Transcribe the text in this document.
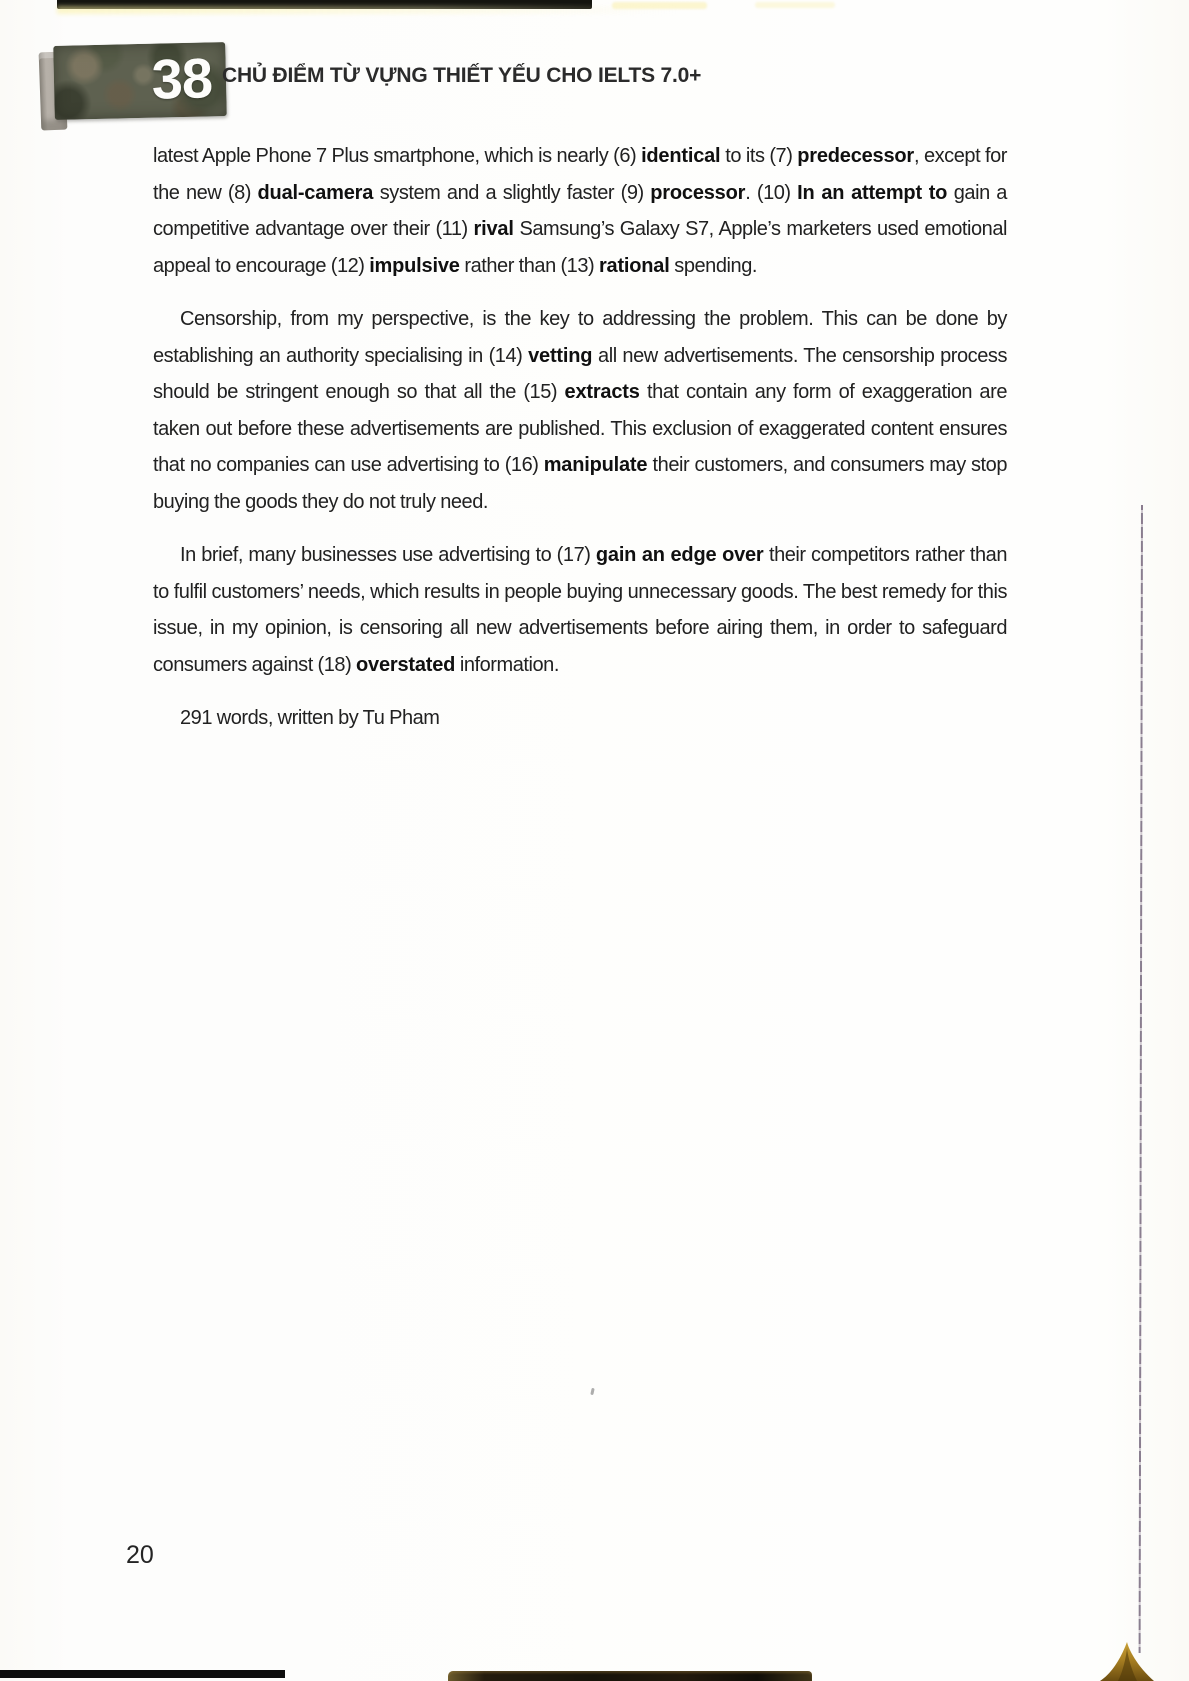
38 CHỦ ĐIỂM TỪ VỰNG THIẾT YẾU CHO IELTS 7.0+

latest Apple Phone 7 Plus smartphone, which is nearly (6) identical to its (7) predecessor, except for the new (8) dual-camera system and a slightly faster (9) processor. (10) In an attempt to gain a competitive advantage over their (11) rival Samsung’s Galaxy S7, Apple’s marketers used emotional appeal to encourage (12) impulsive rather than (13) rational spending.

Censorship, from my perspective, is the key to addressing the problem. This can be done by establishing an authority specialising in (14) vetting all new advertisements. The censorship process should be stringent enough so that all the (15) extracts that contain any form of exaggeration are taken out before these advertisements are published. This exclusion of exaggerated content ensures that no companies can use advertising to (16) manipulate their customers, and consumers may stop buying the goods they do not truly need.

In brief, many businesses use advertising to (17) gain an edge over their competitors rather than to fulfil customers’ needs, which results in people buying unnecessary goods. The best remedy for this issue, in my opinion, is censoring all new advertisements before airing them, in order to safeguard consumers against (18) overstated information.

291 words, written by Tu Pham

20
